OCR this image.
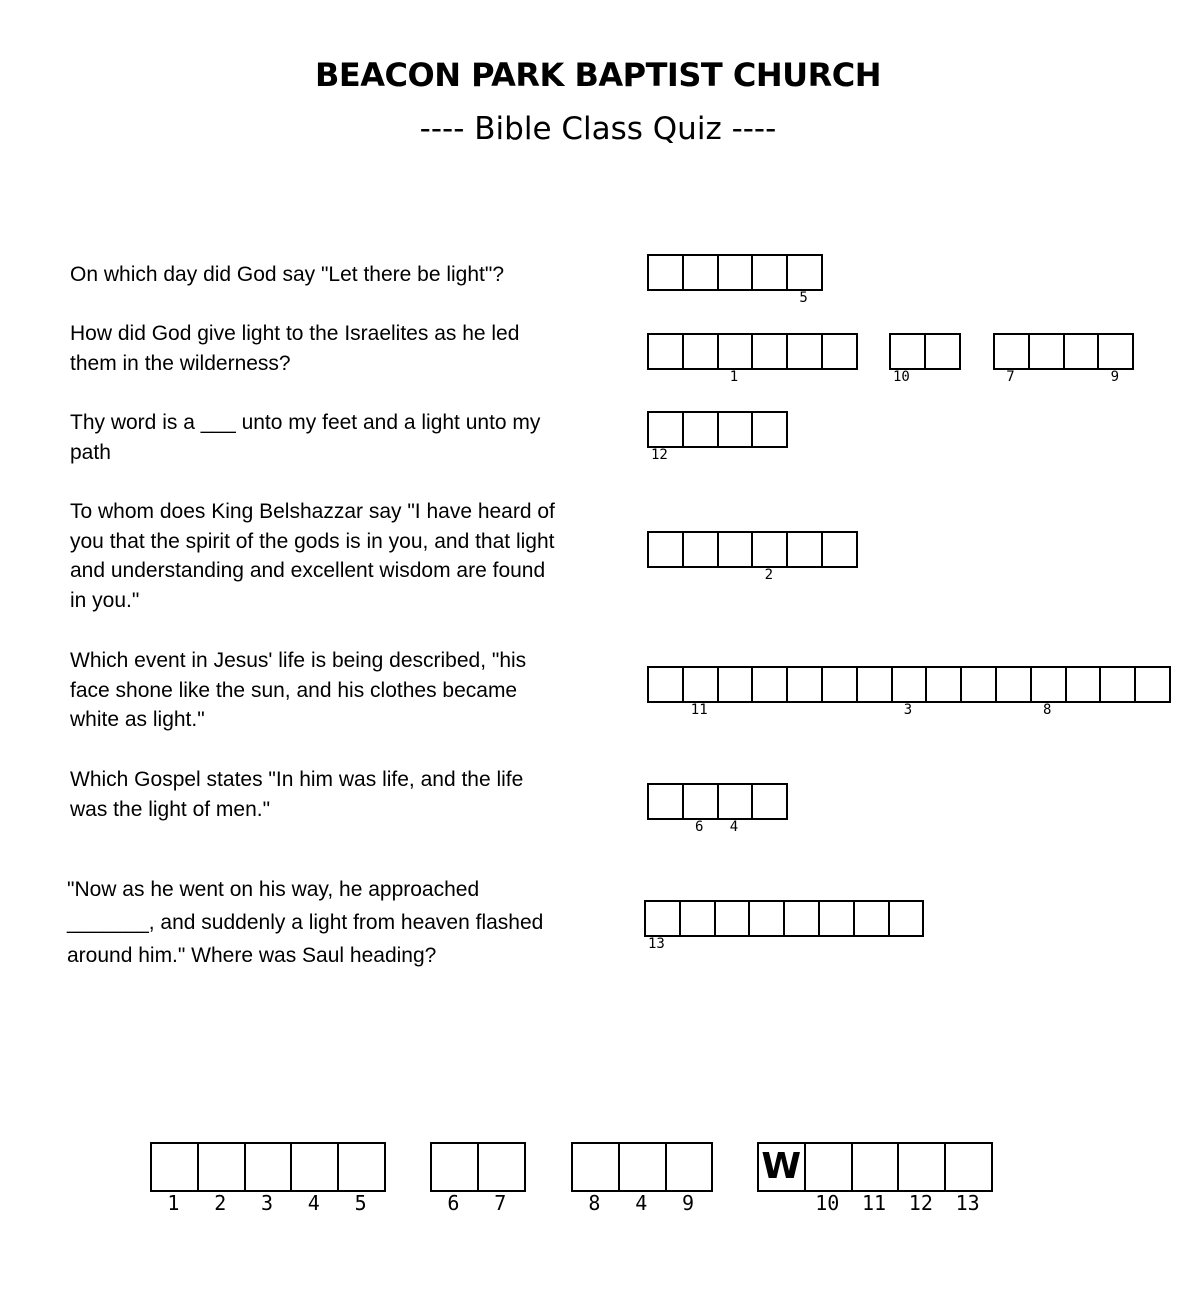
BEACON PARK BAPTIST CHURCH
---- Bible Class Quiz ----
On which day did God say "Let there be light"?
How did God give light to the Israelites as he led them in the wilderness?
Thy word is a ___ unto my feet and a light unto my path
To whom does King Belshazzar say "I have heard of you that the spirit of the gods is in you, and that light and understanding and excellent wisdom are found in you."
Which event in Jesus' life is being described, "his face shone like the sun, and his clothes became white as light."
Which Gospel states "In him was life, and the life was the light of men."
"Now as he went on his way, he approached _______, and suddenly a light from heaven flashed around him." Where was Saul heading?
5
1	10	7	9
12
2
11	3	8
6 4
13
1 2 3 4 5	6 7	8 4 9
W
10 11 12 13
